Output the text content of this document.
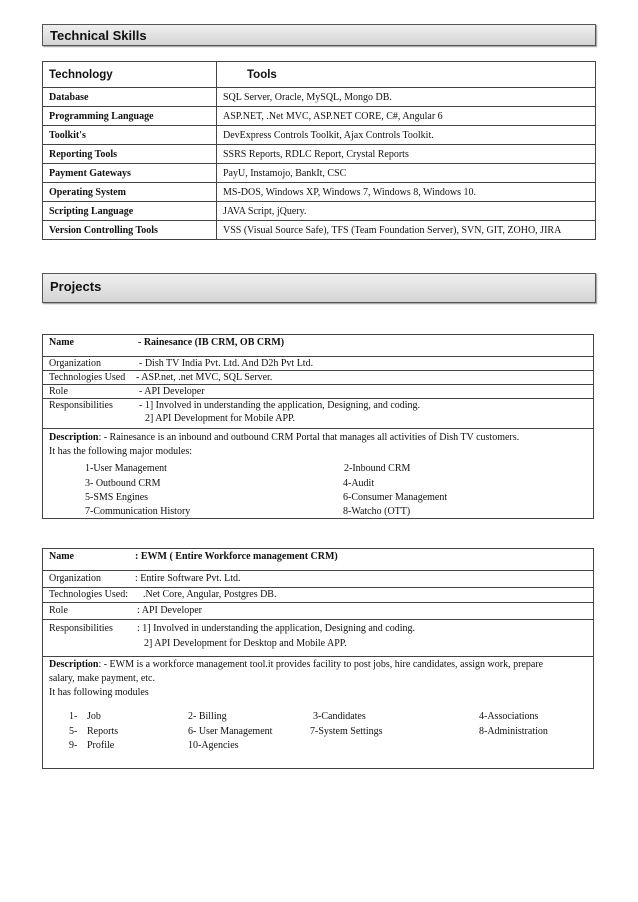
Technical Skills
Technology	Tools
Database	SQL Server, Oracle, MySQL, Mongo DB.
Programming Language	ASP.NET, .Net MVC, ASP.NET CORE, C#, Angular 6
Toolkit's	DevExpress Controls Toolkit, Ajax Controls Toolkit.
Reporting Tools	SSRS Reports, RDLC Report, Crystal Reports
Payment Gateways	PayU, Instamojo, BankIt, CSC
Operating System	MS-DOS, Windows XP, Windows 7, Windows 8, Windows 10.
Scripting Language	JAVA Script, jQuery.
Version Controlling Tools	VSS (Visual Source Safe), TFS (Team Foundation Server), SVN, GIT, ZOHO, JIRA
Projects
Name	- Rainesance (IB CRM, OB CRM)
Organization	- Dish TV India Pvt. Ltd. And D2h Pvt Ltd.
Technologies Used - ASP.net, .net MVC, SQL Server.
Role	- API Developer
Responsibilities	- 1] Involved in understanding the application, Designing, and coding.
2] API Development for Mobile APP.
Description: - Rainesance is an inbound and outbound CRM Portal that manages all activities of Dish TV customers.
It has the following major modules:
1-User Management	2-Inbound CRM
3- Outbound CRM	4-Audit
5-SMS Engines	6-Consumer Management
7-Communication History	8-Watcho (OTT)
Name	: EWM ( Entire Workforce management CRM)
Organization	: Entire Software Pvt. Ltd.
Technologies Used: .Net Core, Angular, Postgres DB.
Role	: API Developer
Responsibilities : 1] Involved in understanding the application, Designing and coding.
2] API Development for Desktop and Mobile APP.
Description: - EWM is a workforce management tool.it provides facility to post jobs, hire candidates, assign work, prepare
salary, make payment, etc.
It has following modules
1- Job	2- Billing	3-Candidates	4-Associations
5- Reports	6- User Management	7-System Settings	8-Administration
9- Profile	10-Agencies
